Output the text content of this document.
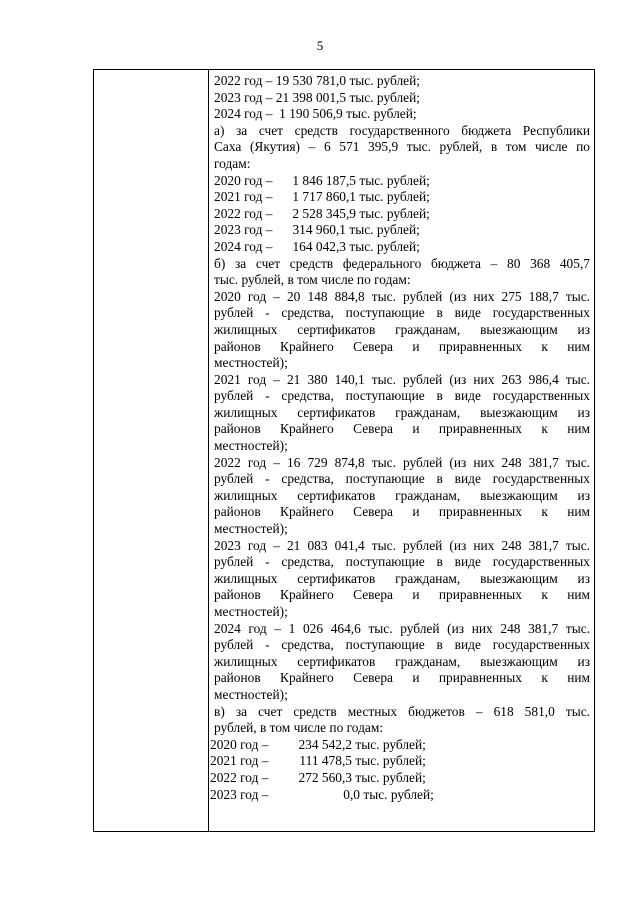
5
2022 год – 19 530 781,0 тыс. рублей;
2023 год – 21 398 001,5 тыс. рублей;
2024 год –  1 190 506,9 тыс. рублей;
а) за счет средств государственного бюджета Республики
Саха (Якутия) – 6 571 395,9 тыс. рублей, в том числе по
годам:
2020 год – 1 846 187,5 тыс. рублей;
2021 год – 1 717 860,1 тыс. рублей;
2022 год – 2 528 345,9 тыс. рублей;
2023 год – 314 960,1 тыс. рублей;
2024 год – 164 042,3 тыс. рублей;
б) за счет средств федерального бюджета – 80 368 405,7
тыс. рублей, в том числе по годам:
2020 год – 20 148 884,8 тыс. рублей (из них 275 188,7 тыс.
рублей - средства, поступающие в виде государственных
жилищных сертификатов гражданам, выезжающим из
районов Крайнего Севера и приравненных к ним
местностей);
2021 год – 21 380 140,1 тыс. рублей (из них 263 986,4 тыс.
рублей - средства, поступающие в виде государственных
жилищных сертификатов гражданам, выезжающим из
районов Крайнего Севера и приравненных к ним
местностей);
2022 год – 16 729 874,8 тыс. рублей (из них 248 381,7 тыс.
рублей - средства, поступающие в виде государственных
жилищных сертификатов гражданам, выезжающим из
районов Крайнего Севера и приравненных к ним
местностей);
2023 год – 21 083 041,4 тыс. рублей (из них 248 381,7 тыс.
рублей - средства, поступающие в виде государственных
жилищных сертификатов гражданам, выезжающим из
районов Крайнего Севера и приравненных к ним
местностей);
2024 год – 1 026 464,6 тыс. рублей (из них 248 381,7 тыс.
рублей - средства, поступающие в виде государственных
жилищных сертификатов гражданам, выезжающим из
районов Крайнего Севера и приравненных к ним
местностей);
в) за счет средств местных бюджетов – 618 581,0 тыс.
рублей, в том числе по годам:
2020 год – 234 542,2 тыс. рублей;
2021 год – 111 478,5 тыс. рублей;
2022 год – 272 560,3 тыс. рублей;
2023 год –	0,0 тыс. рублей;
